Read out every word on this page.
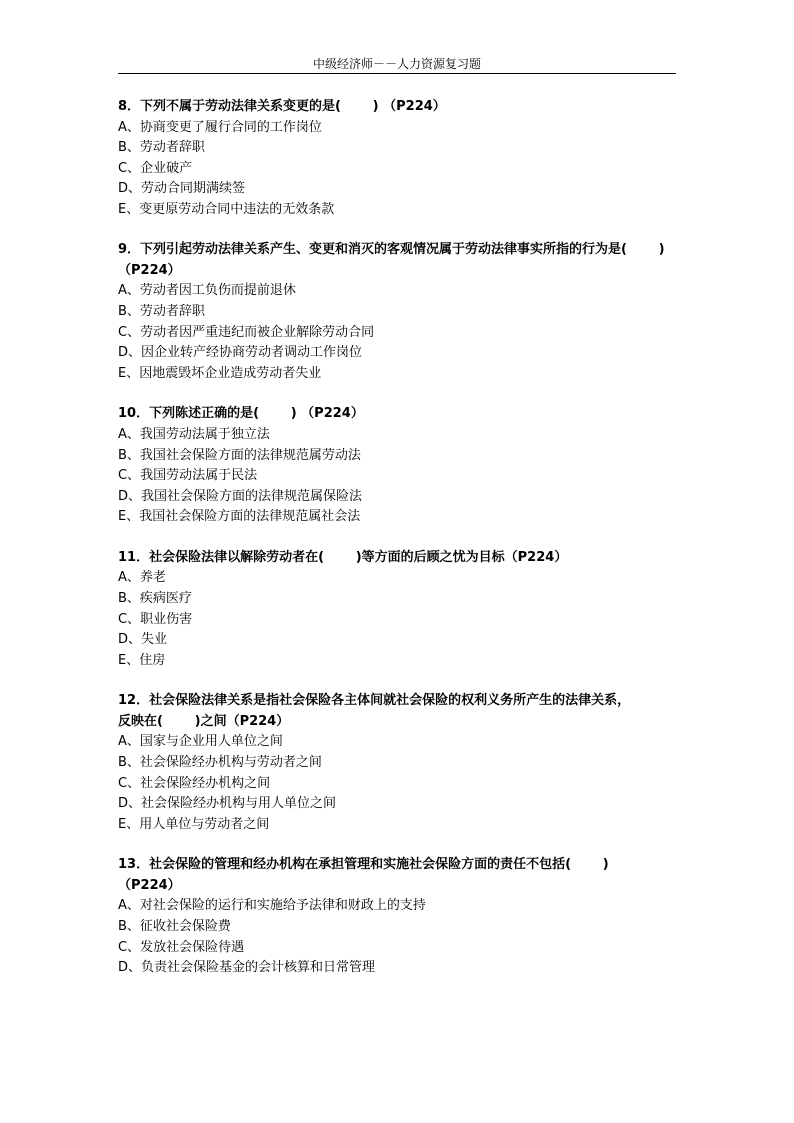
中级经济师－－人力资源复习题
8．下列不属于劳动法律关系变更的是(       ) （P224）
A、协商变更了履行合同的工作岗位
B、劳动者辞职
C、企业破产
D、劳动合同期满续签
E、变更原劳动合同中违法的无效条款
9．下列引起劳动法律关系产生、变更和消灭的客观情况属于劳动法律事实所指的行为是(       )
（P224）
A、劳动者因工负伤而提前退休
B、劳动者辞职
C、劳动者因严重违纪而被企业解除劳动合同
D、因企业转产经协商劳动者调动工作岗位
E、因地震毁坏企业造成劳动者失业
10．下列陈述正确的是(       ) （P224）
A、我国劳动法属于独立法
B、我国社会保险方面的法律规范属劳动法
C、我国劳动法属于民法
D、我国社会保险方面的法律规范属保险法
E、我国社会保险方面的法律规范属社会法
11．社会保险法律以解除劳动者在(       )等方面的后顾之忧为目标（P224）
A、养老
B、疾病医疗
C、职业伤害
D、失业
E、住房
12．社会保险法律关系是指社会保险各主体间就社会保险的权利义务所产生的法律关系，
反映在(       )之间（P224）
A、国家与企业用人单位之间
B、社会保险经办机构与劳动者之间
C、社会保险经办机构之间
D、社会保险经办机构与用人单位之间
E、用人单位与劳动者之间
13．社会保险的管理和经办机构在承担管理和实施社会保险方面的责任不包括(       )
（P224）
A、对社会保险的运行和实施给予法律和财政上的支持
B、征收社会保险费
C、发放社会保险待遇
D、负责社会保险基金的会计核算和日常管理
